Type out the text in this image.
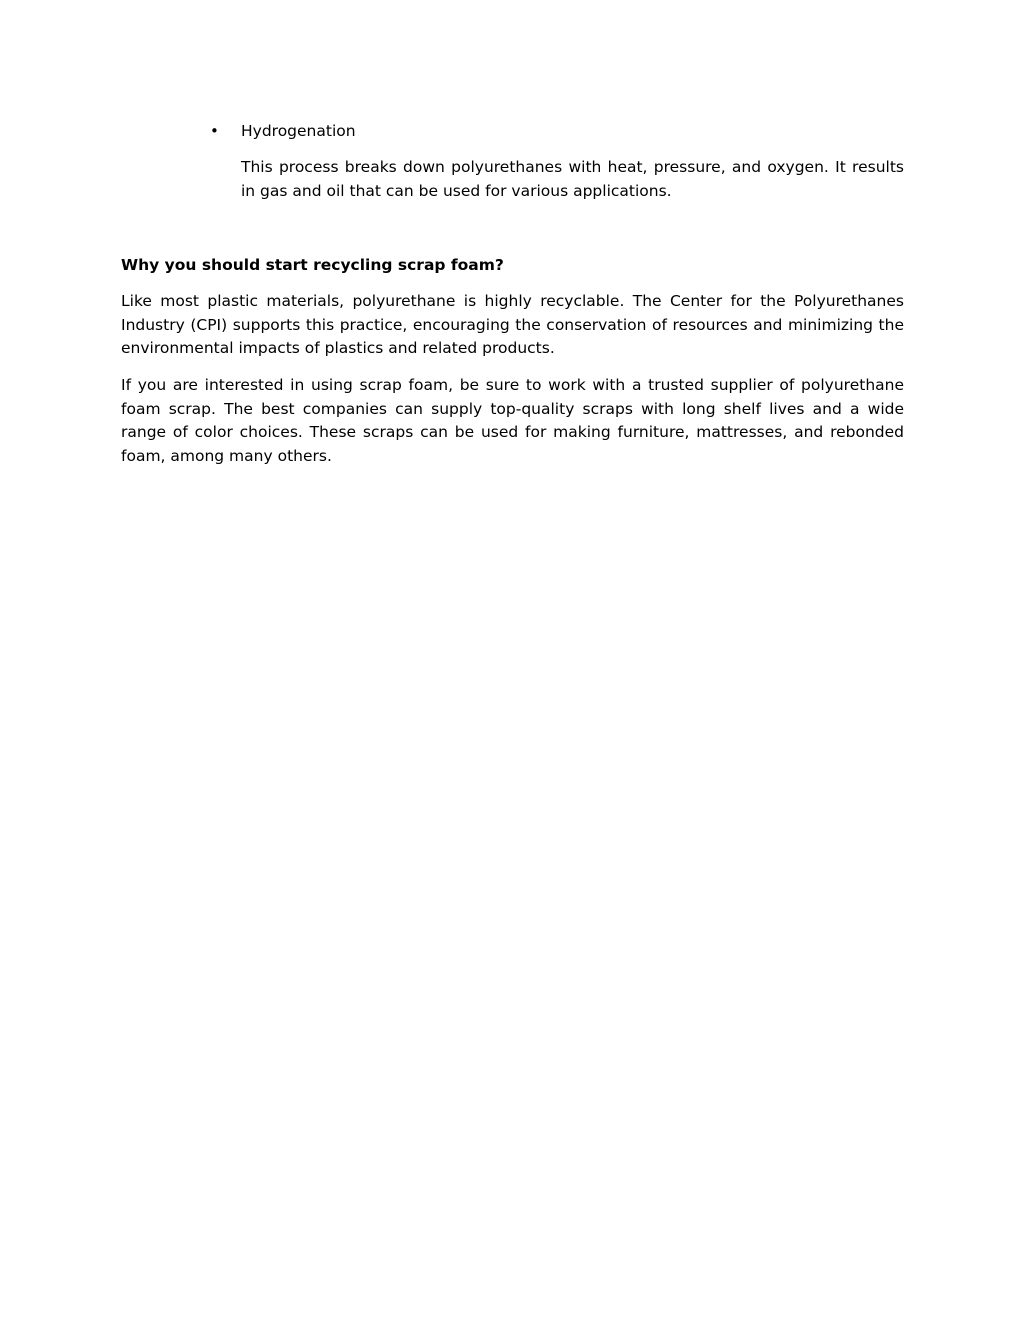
• Hydrogenation

This process breaks down polyurethanes with heat, pressure, and oxygen. It results in gas and oil that can be used for various applications.

Why you should start recycling scrap foam?

Like most plastic materials, polyurethane is highly recyclable. The Center for the Polyurethanes Industry (CPI) supports this practice, encouraging the conservation of resources and minimizing the environmental impacts of plastics and related products.

If you are interested in using scrap foam, be sure to work with a trusted supplier of polyurethane foam scrap. The best companies can supply top-quality scraps with long shelf lives and a wide range of color choices. These scraps can be used for making furniture, mattresses, and rebonded foam, among many others.
